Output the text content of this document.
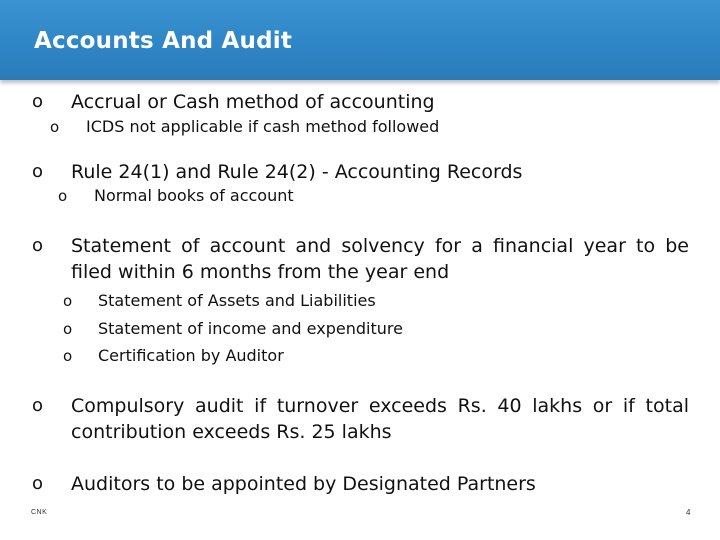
Accounts And Audit
o Accrual or Cash method of accounting
o ICDS not applicable if cash method followed
o Rule 24(1) and Rule 24(2) - Accounting Records
o Normal books of account
o Statement of account and solvency for a financial year to be filed within 6 months from the year end
o Statement of Assets and Liabilities
o Statement of income and expenditure
o Certification by Auditor
o Compulsory audit if turnover exceeds Rs. 40 lakhs or if total contribution exceeds Rs. 25 lakhs
o Auditors to be appointed by Designated Partners
CNK	4
